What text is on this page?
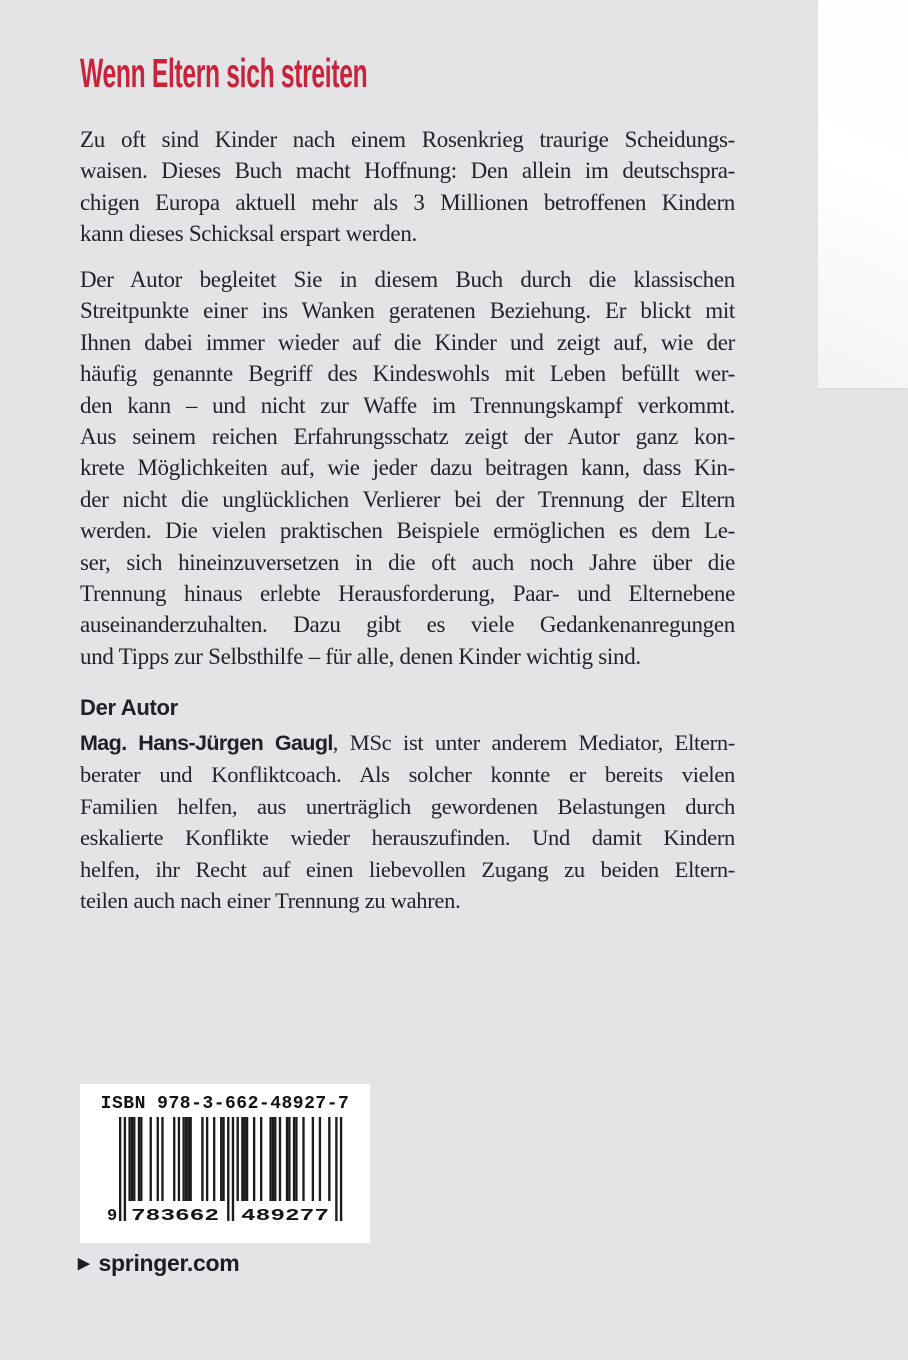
Wenn Eltern sich streiten
Zu oft sind Kinder nach einem Rosenkrieg traurige Scheidungs-
waisen. Dieses Buch macht Hoffnung: Den allein im deutschspra-
chigen Europa aktuell mehr als 3 Millionen betroffenen Kindern
kann dieses Schicksal erspart werden.
Der Autor begleitet Sie in diesem Buch durch die klassischen
Streitpunkte einer ins Wanken geratenen Beziehung. Er blickt mit
Ihnen dabei immer wieder auf die Kinder und zeigt auf, wie der
häufig genannte Begriff des Kindeswohls mit Leben befüllt wer-
den kann – und nicht zur Waffe im Trennungskampf verkommt.
Aus seinem reichen Erfahrungsschatz zeigt der Autor ganz kon-
krete Möglichkeiten auf, wie jeder dazu beitragen kann, dass Kin-
der nicht die unglücklichen Verlierer bei der Trennung der Eltern
werden. Die vielen praktischen Beispiele ermöglichen es dem Le-
ser, sich hineinzuversetzen in die oft auch noch Jahre über die
Trennung hinaus erlebte Herausforderung, Paar- und Elternebene
auseinanderzuhalten. Dazu gibt es viele Gedankenanregungen
und Tipps zur Selbsthilfe – für alle, denen Kinder wichtig sind.
Der Autor
Mag. Hans-Jürgen Gaugl, MSc ist unter anderem Mediator, Eltern-
berater und Konfliktcoach. Als solcher konnte er bereits vielen
Familien helfen, aus unerträglich gewordenen Belastungen durch
eskalierte Konflikte wieder herauszufinden. Und damit Kindern
helfen, ihr Recht auf einen liebevollen Zugang zu beiden Eltern-
teilen auch nach einer Trennung zu wahren.
ISBN 978-3-662-48927-7
9 783662 489277
▶ springer.com
